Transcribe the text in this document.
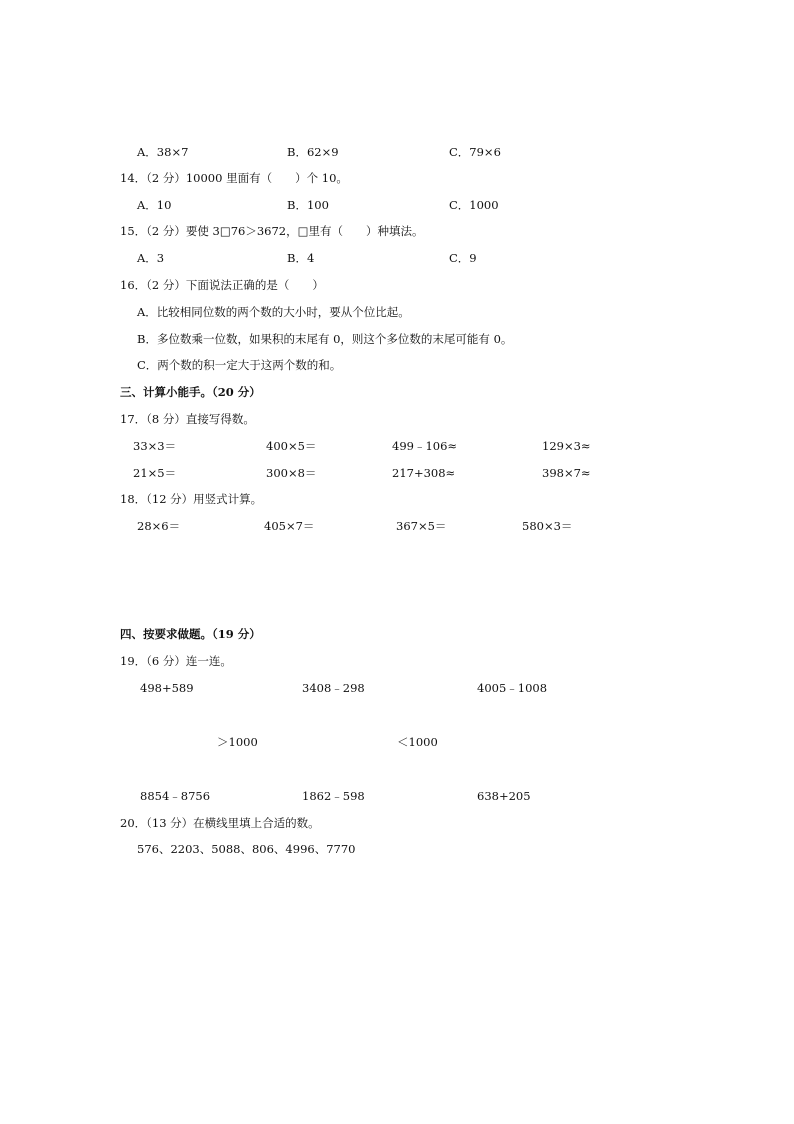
A．38×7	B．62×9	C．79×6
14．（2 分）10000 里面有（　　）个 10。
A．10	B．100	C．1000
15．（2 分）要使 3□76＞3672，□里有（　　）种填法。
A．3	B．4	C．9
16．（2 分）下面说法正确的是（　　）
A．比较相同位数的两个数的大小时，要从个位比起。
B．多位数乘一位数，如果积的末尾有 0，则这个多位数的末尾可能有 0。
C．两个数的积一定大于这两个数的和。
三、计算小能手。（20 分）
17．（8 分）直接写得数。
33×3＝	400×5＝	499﹣106≈	129×3≈
21×5＝	300×8＝	217+308≈	398×7≈
18．（12 分）用竖式计算。
28×6＝	405×7＝	367×5＝	580×3＝
四、按要求做题。（19 分）
19．（6 分）连一连。
498+589	3408﹣298	4005﹣1008
＞1000	＜1000
8854﹣8756	1862﹣598	638+205
20．（13 分）在横线里填上合适的数。
576、2203、5088、806、4996、7770
